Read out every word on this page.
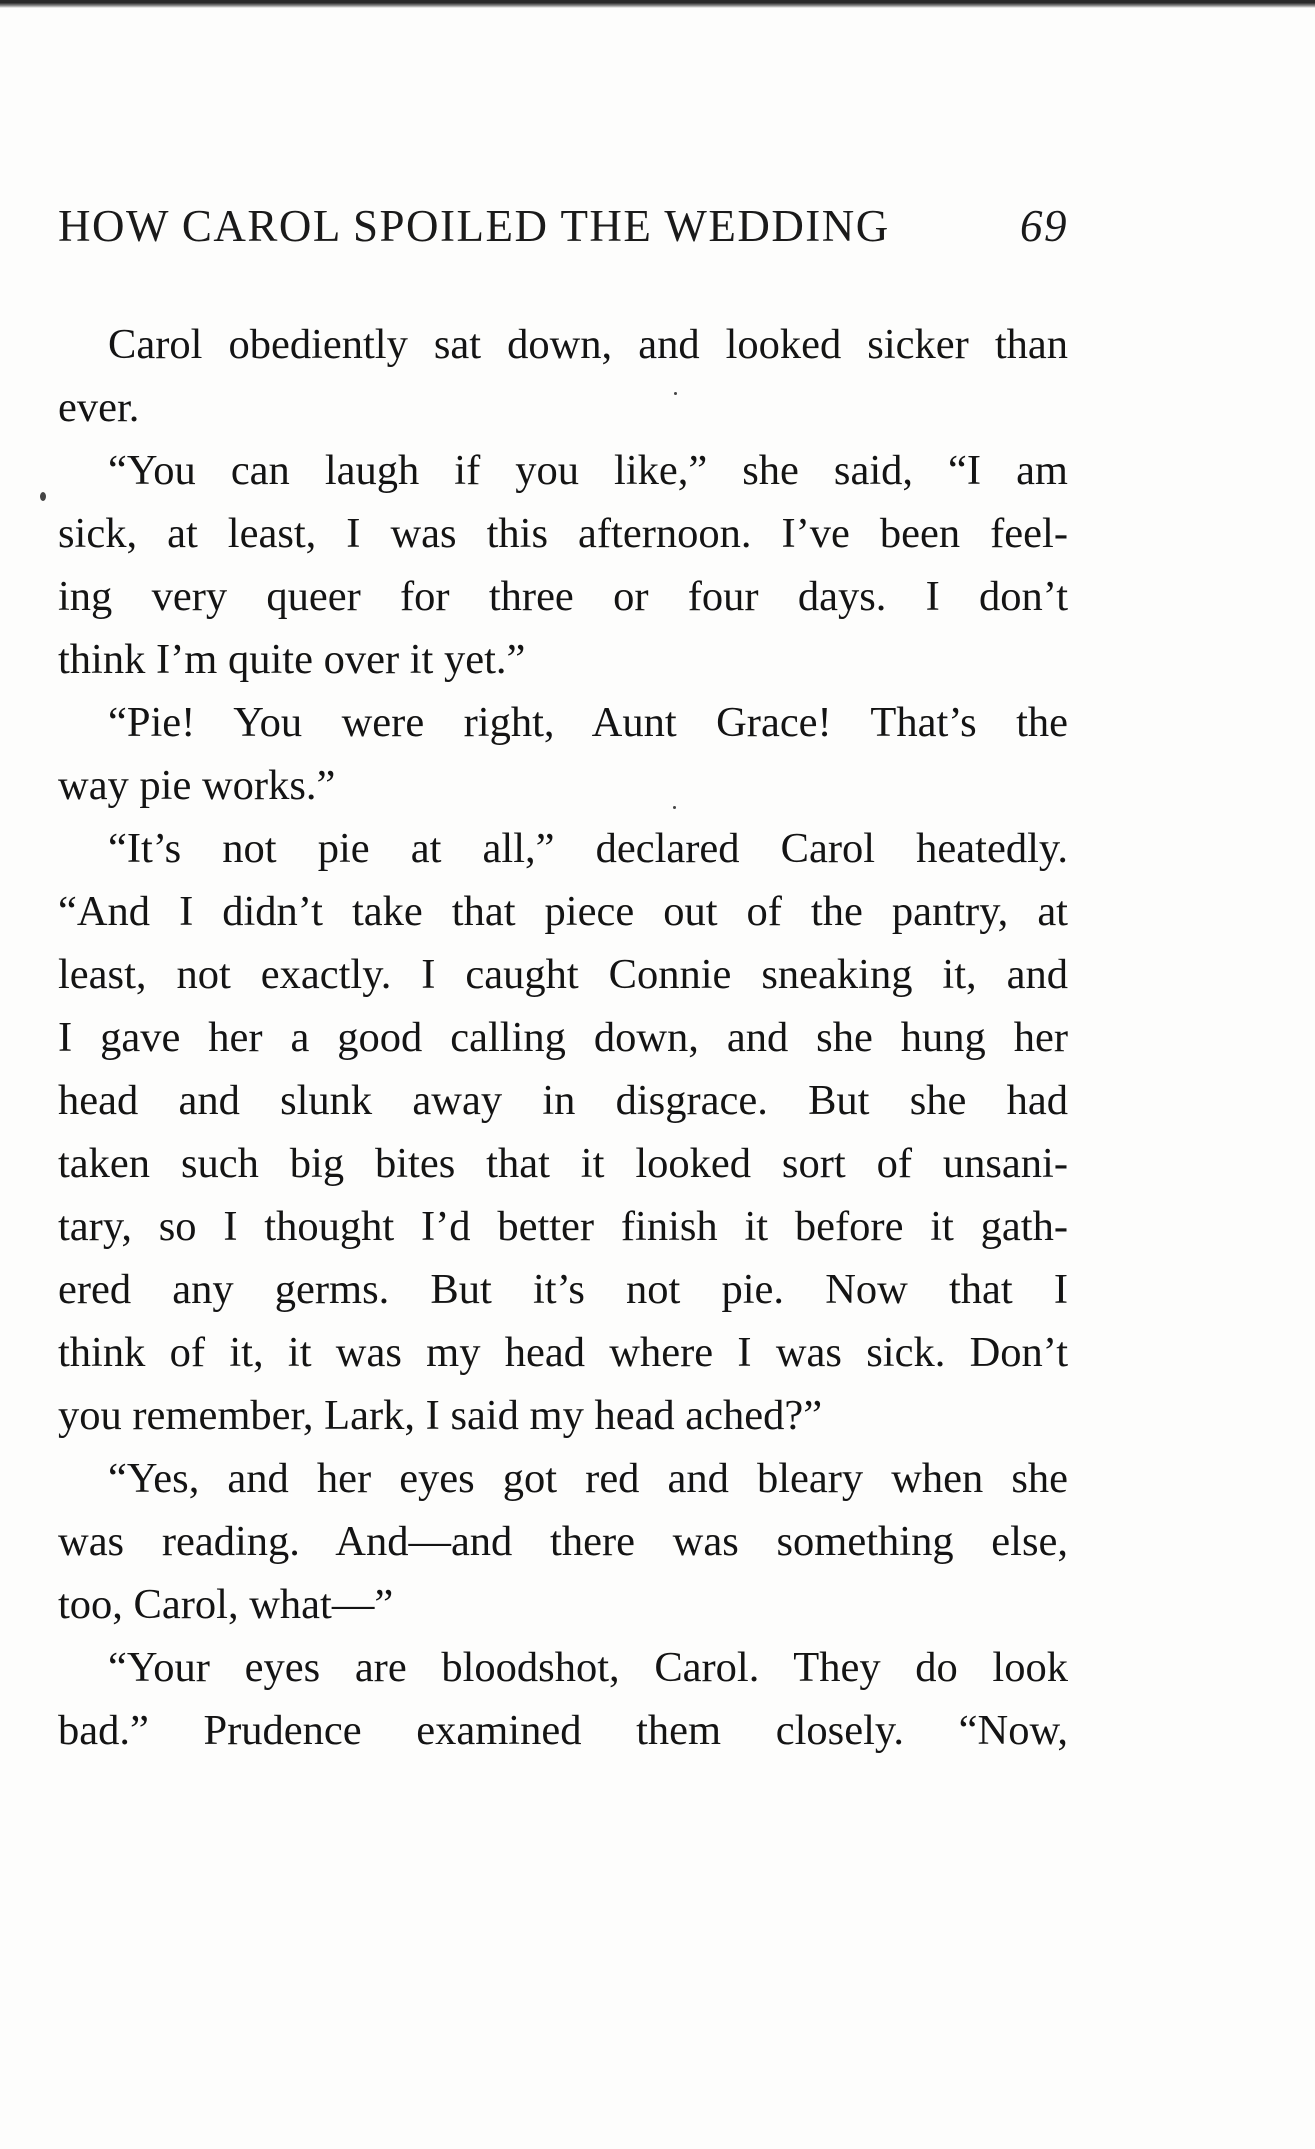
HOW CAROL SPOILED THE WEDDING	69
Carol obediently sat down, and looked sicker than
ever.
“You can laugh if you like,” she said, “I am
sick, at least, I was this afternoon. I’ve been feel-
ing very queer for three or four days. I don’t
think I’m quite over it yet.”
“Pie! You were right, Aunt Grace! That’s the
way pie works.”
“It’s not pie at all,” declared Carol heatedly.
“And I didn’t take that piece out of the pantry, at
least, not exactly. I caught Connie sneaking it, and
I gave her a good calling down, and she hung her
head and slunk away in disgrace. But she had
taken such big bites that it looked sort of unsani-
tary, so I thought I’d better finish it before it gath-
ered any germs. But it’s not pie. Now that I
think of it, it was my head where I was sick. Don’t
you remember, Lark, I said my head ached?”
“Yes, and her eyes got red and bleary when she
was reading. And—and there was something else,
too, Carol, what—”
“Your eyes are bloodshot, Carol. They do look
bad.” Prudence examined them closely. “Now,
